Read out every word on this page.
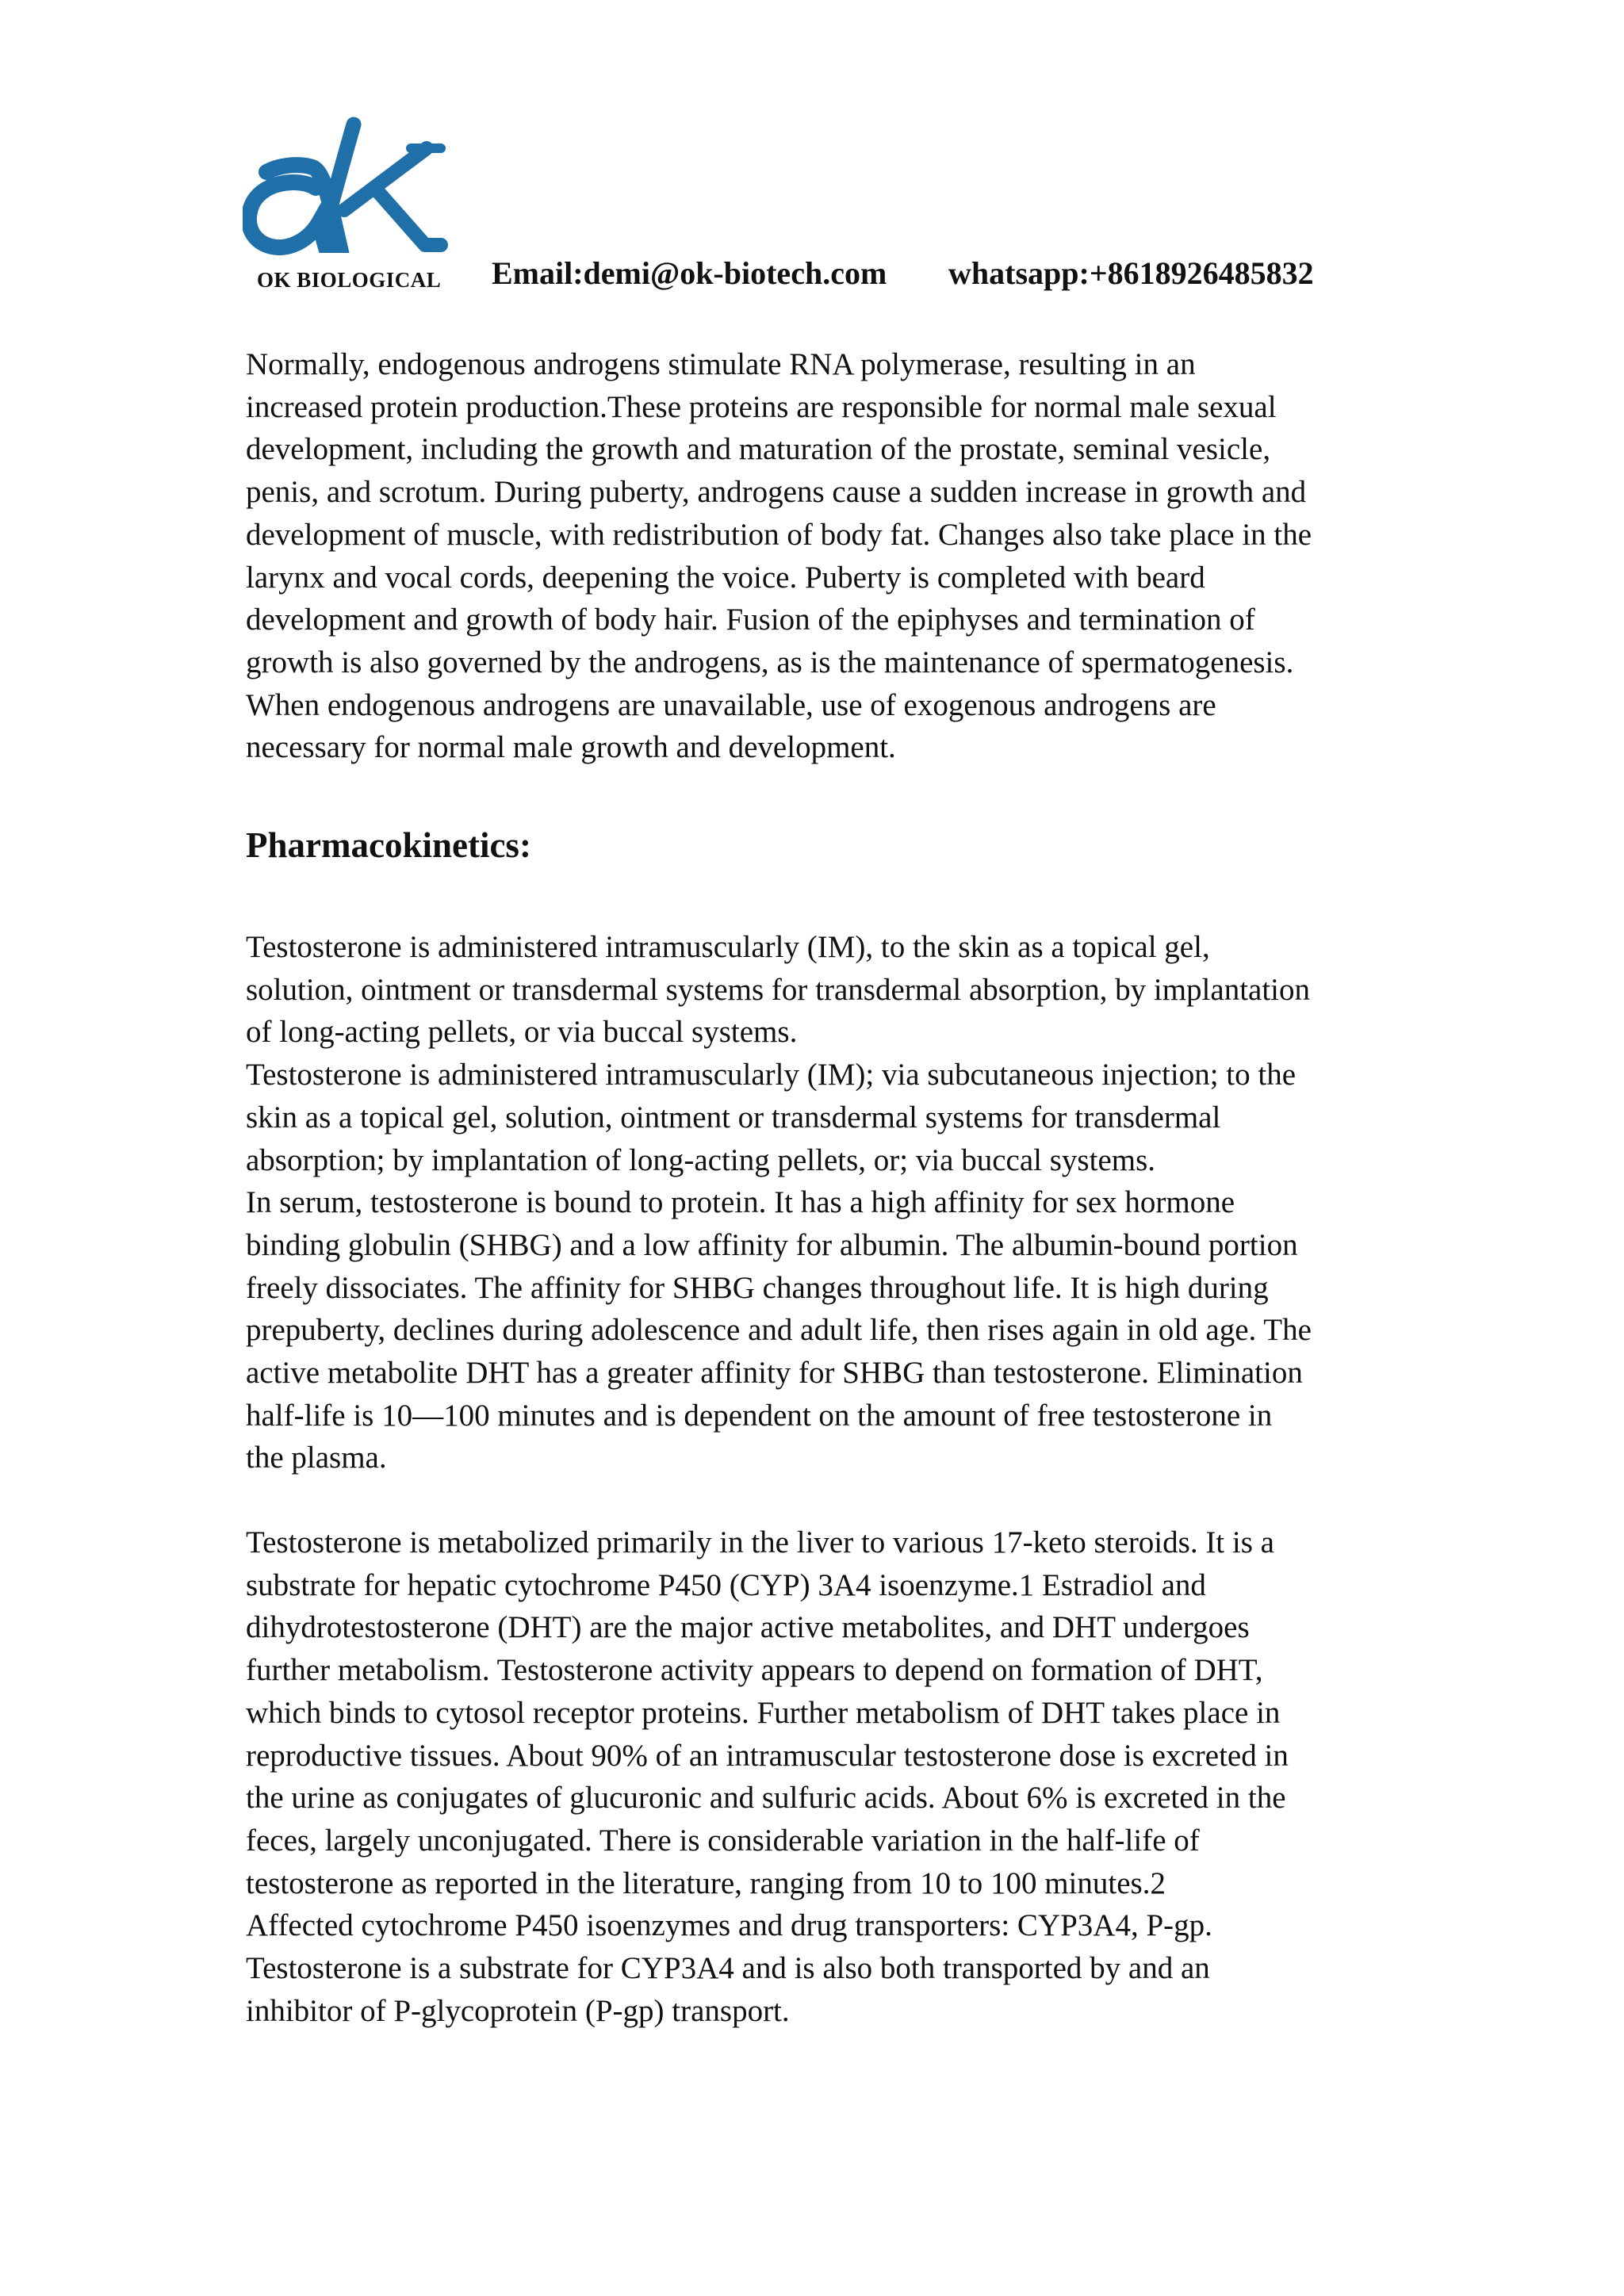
OK BIOLOGICAL Email:demi@ok-biotech.com whatsapp:+8618926485832

Normally, endogenous androgens stimulate RNA polymerase, resulting in an
increased protein production.These proteins are responsible for normal male sexual
development, including the growth and maturation of the prostate, seminal vesicle,
penis, and scrotum. During puberty, androgens cause a sudden increase in growth and
development of muscle, with redistribution of body fat. Changes also take place in the
larynx and vocal cords, deepening the voice. Puberty is completed with beard
development and growth of body hair. Fusion of the epiphyses and termination of
growth is also governed by the androgens, as is the maintenance of spermatogenesis.
When endogenous androgens are unavailable, use of exogenous androgens are
necessary for normal male growth and development.

Pharmacokinetics:

Testosterone is administered intramuscularly (IM), to the skin as a topical gel,
solution, ointment or transdermal systems for transdermal absorption, by implantation
of long-acting pellets, or via buccal systems.
Testosterone is administered intramuscularly (IM); via subcutaneous injection; to the
skin as a topical gel, solution, ointment or transdermal systems for transdermal
absorption; by implantation of long-acting pellets, or; via buccal systems.
In serum, testosterone is bound to protein. It has a high affinity for sex hormone
binding globulin (SHBG) and a low affinity for albumin. The albumin-bound portion
freely dissociates. The affinity for SHBG changes throughout life. It is high during
prepuberty, declines during adolescence and adult life, then rises again in old age. The
active metabolite DHT has a greater affinity for SHBG than testosterone. Elimination
half-life is 10—100 minutes and is dependent on the amount of free testosterone in
the plasma.

Testosterone is metabolized primarily in the liver to various 17-keto steroids. It is a
substrate for hepatic cytochrome P450 (CYP) 3A4 isoenzyme.1 Estradiol and
dihydrotestosterone (DHT) are the major active metabolites, and DHT undergoes
further metabolism. Testosterone activity appears to depend on formation of DHT,
which binds to cytosol receptor proteins. Further metabolism of DHT takes place in
reproductive tissues. About 90% of an intramuscular testosterone dose is excreted in
the urine as conjugates of glucuronic and sulfuric acids. About 6% is excreted in the
feces, largely unconjugated. There is considerable variation in the half-life of
testosterone as reported in the literature, ranging from 10 to 100 minutes.2
Affected cytochrome P450 isoenzymes and drug transporters: CYP3A4, P-gp.
Testosterone is a substrate for CYP3A4 and is also both transported by and an
inhibitor of P-glycoprotein (P-gp) transport.
